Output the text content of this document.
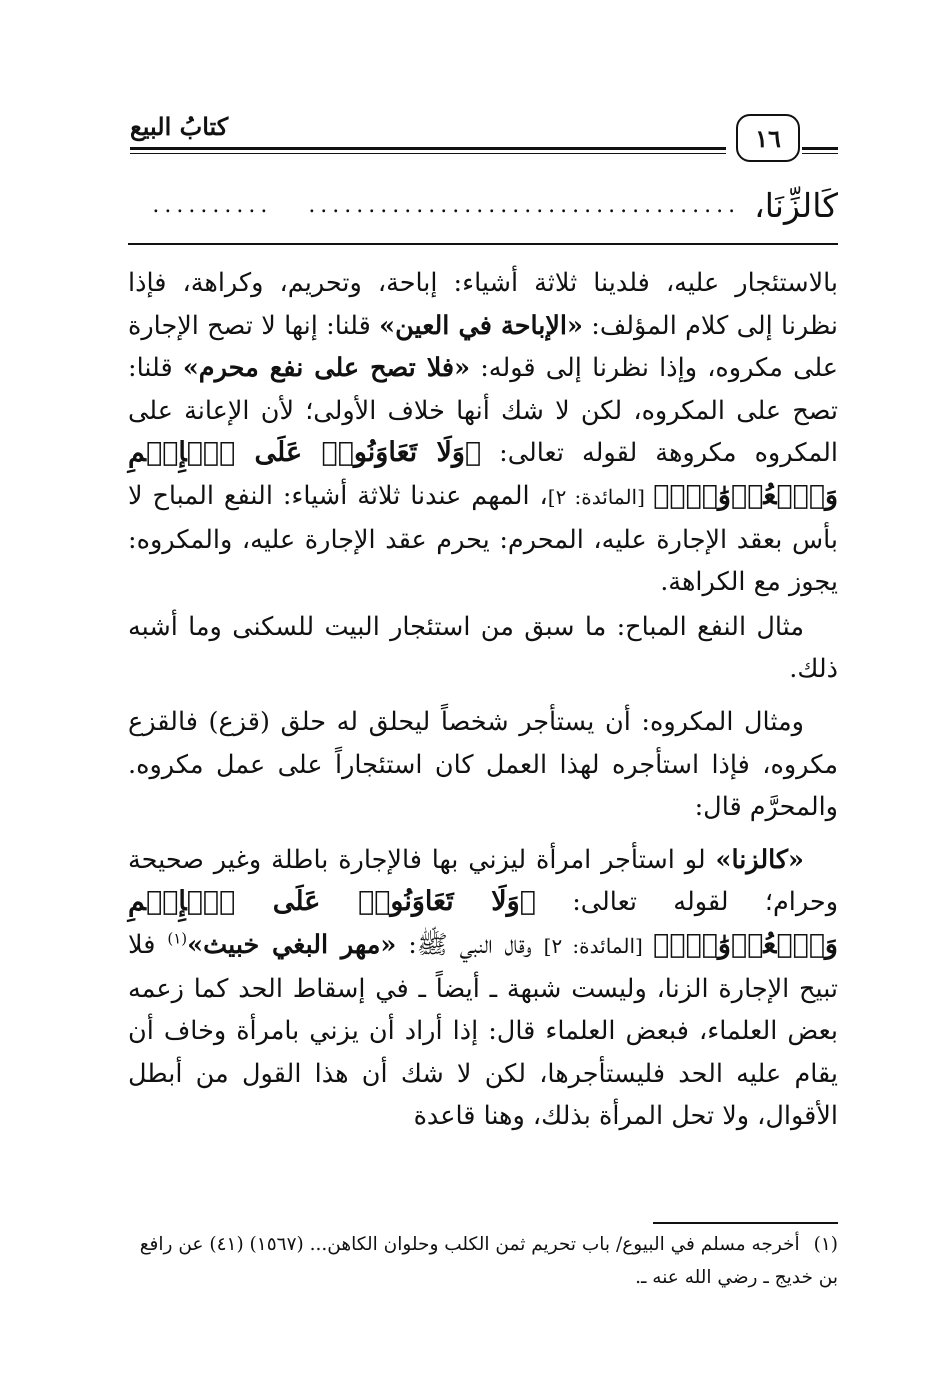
كتابُ البيع	١٦
كَالزِّنَا،
..........   ....................................

بالاستئجار عليه، فلدينا ثلاثة أشياء: إباحة، وتحريم، وكراهة، فإذا نظرنا إلى كلام المؤلف: «الإباحة في العين» قلنا: إنها لا تصح الإجارة على مكروه، وإذا نظرنا إلى قوله: «فلا تصح على نفع محرم» قلنا: تصح على المكروه، لكن لا شك أنها خلاف الأولى؛ لأن الإعانة على المكروه مكروهة لقوله تعالى: ﴿وَلَا تَعَاوَنُوا۟ عَلَى ٱلۡإِثۡمِ وَٱلۡعُدۡوَٰنِۚ﴾ [المائدة: ٢]، المهم عندنا ثلاثة أشياء: النفع المباح لا بأس بعقد الإجارة عليه، المحرم: يحرم عقد الإجارة عليه، والمكروه: يجوز مع الكراهة.

مثال النفع المباح: ما سبق من استئجار البيت للسكنى وما أشبه ذلك.

ومثال المكروه: أن يستأجر شخصاً ليحلق له حلق (قزع) فالقزع مكروه، فإذا استأجره لهذا العمل كان استئجاراً على عمل مكروه. والمحرَّم قال:

«كالزنا» لو استأجر امرأة ليزني بها فالإجارة باطلة وغير صحيحة وحرام؛ لقوله تعالى: ﴿وَلَا تَعَاوَنُوا۟ عَلَى ٱلۡإِثۡمِ وَٱلۡعُدۡوَٰنِۚ﴾ [المائدة: ٢] وقال النبي ﷺ: «مهر البغي خبيث»$^{(١)}$ فلا تبيح الإجارة الزنا، وليست شبهة ـ أيضاً ـ في إسقاط الحد كما زعمه بعض العلماء، فبعض العلماء قال: إذا أراد أن يزني بامرأة وخاف أن يقام عليه الحد فليستأجرها، لكن لا شك أن هذا القول من أبطل الأقوال، ولا تحل المرأة بذلك، وهنا قاعدة

(١)أخرجه مسلم في البيوع/ باب تحريم ثمن الكلب وحلوان الكاهن... (١٥٦٧) (٤١) عن رافع بن خديج ـ رضي الله عنه ـ.
